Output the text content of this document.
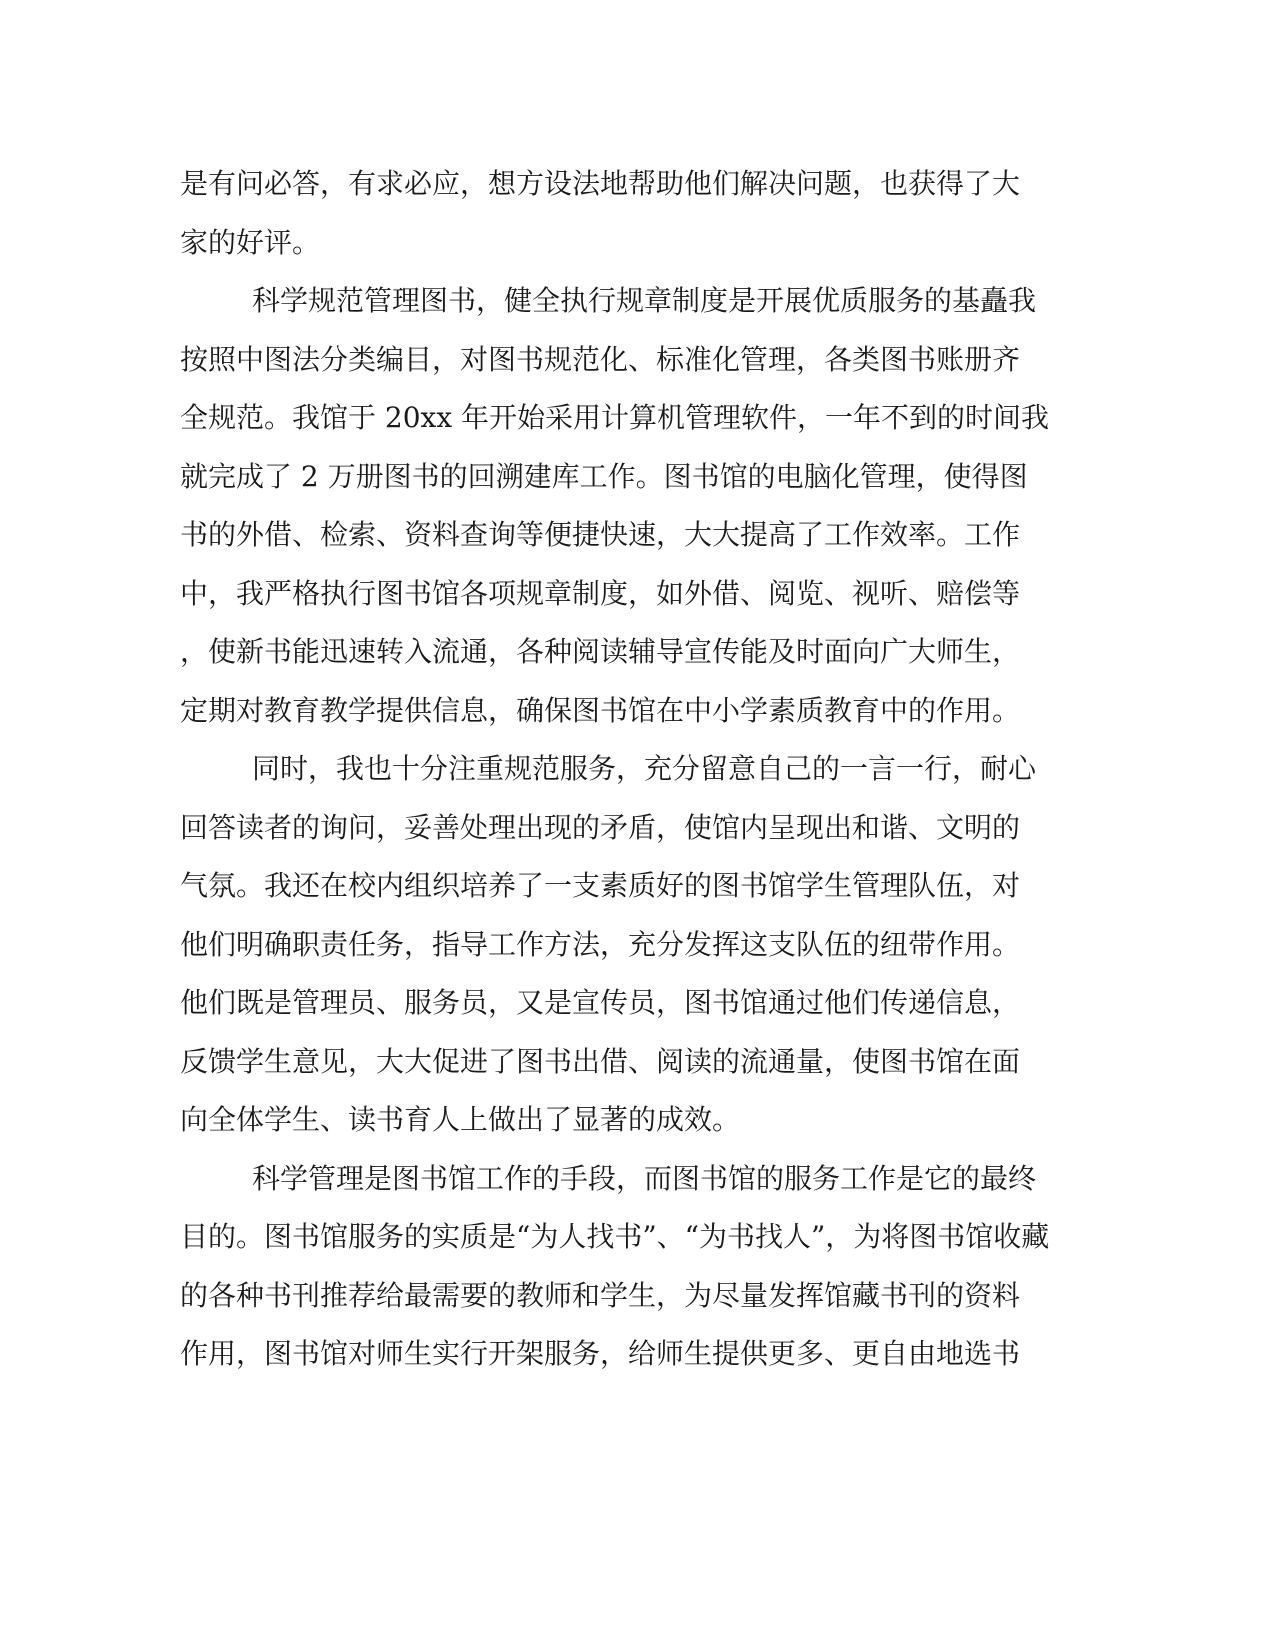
是有问必答，有求必应，想方设法地帮助他们解决问题，也获得了大
家的好评。
科学规范管理图书，健全执行规章制度是开展优质服务的基矗我
按照中图法分类编目，对图书规范化、标准化管理，各类图书账册齐
全规范。我馆于 20xx 年开始采用计算机管理软件，一年不到的时间我
就完成了 2 万册图书的回溯建库工作。图书馆的电脑化管理，使得图
书的外借、检索、资料查询等便捷快速，大大提高了工作效率。工作
中，我严格执行图书馆各项规章制度，如外借、阅览、视听、赔偿等
，使新书能迅速转入流通，各种阅读辅导宣传能及时面向广大师生，
定期对教育教学提供信息，确保图书馆在中小学素质教育中的作用。
同时，我也十分注重规范服务，充分留意自己的一言一行，耐心
回答读者的询问，妥善处理出现的矛盾，使馆内呈现出和谐、文明的
气氛。我还在校内组织培养了一支素质好的图书馆学生管理队伍，对
他们明确职责任务，指导工作方法，充分发挥这支队伍的纽带作用。
他们既是管理员、服务员，又是宣传员，图书馆通过他们传递信息，
反馈学生意见，大大促进了图书出借、阅读的流通量，使图书馆在面
向全体学生、读书育人上做出了显著的成效。
科学管理是图书馆工作的手段，而图书馆的服务工作是它的最终
目的。图书馆服务的实质是“为人找书”、“为书找人”，为将图书馆收藏
的各种书刊推荐给最需要的教师和学生，为尽量发挥馆藏书刊的资料
作用，图书馆对师生实行开架服务，给师生提供更多、更自由地选书
